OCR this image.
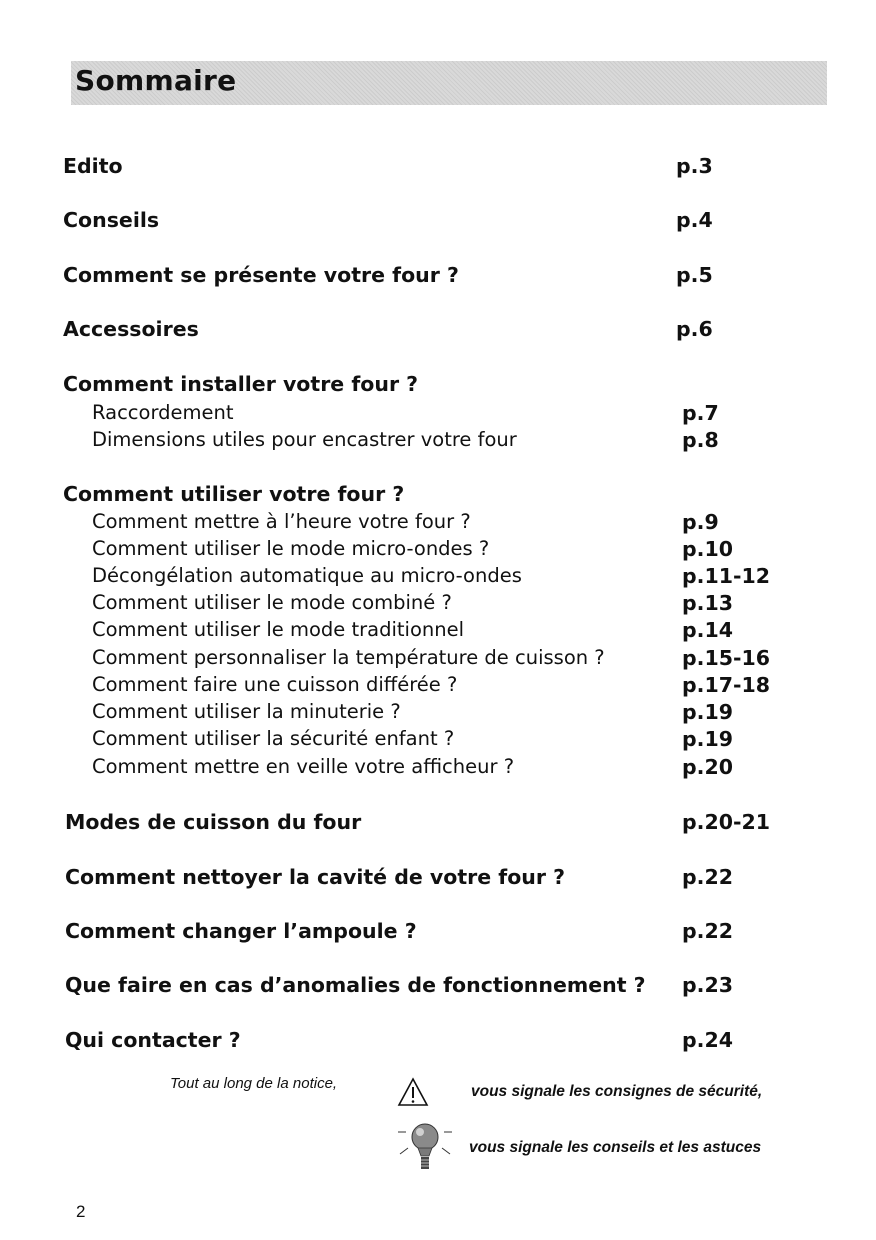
Sommaire
Edito	p.3
Conseils	p.4
Comment se présente votre four ?	p.5
Accessoires	p.6
Comment installer votre four ?
Raccordement	p.7
Dimensions utiles pour encastrer votre four	p.8
Comment utiliser votre four ?
Comment mettre à l’heure votre four ?	p.9
Comment utiliser le mode micro-ondes ?	p.10
Décongélation automatique au micro-ondes	p.11-12
Comment utiliser le mode combiné ?	p.13
Comment utiliser le mode traditionnel	p.14
Comment personnaliser la température de cuisson ?	p.15-16
Comment faire une cuisson différée ?	p.17-18
Comment utiliser la minuterie ?	p.19
Comment utiliser la sécurité enfant ?	p.19
Comment mettre en veille votre afficheur ?	p.20
Modes de cuisson du four	p.20-21
Comment nettoyer la cavité de votre four ?	p.22
Comment changer l’ampoule ?	p.22
Que faire en cas d’anomalies de fonctionnement ? p.23
Qui contacter ?	p.24
Tout au long de la notice,	vous signale les consignes de sécurité,
vous signale les conseils et les astuces
2
